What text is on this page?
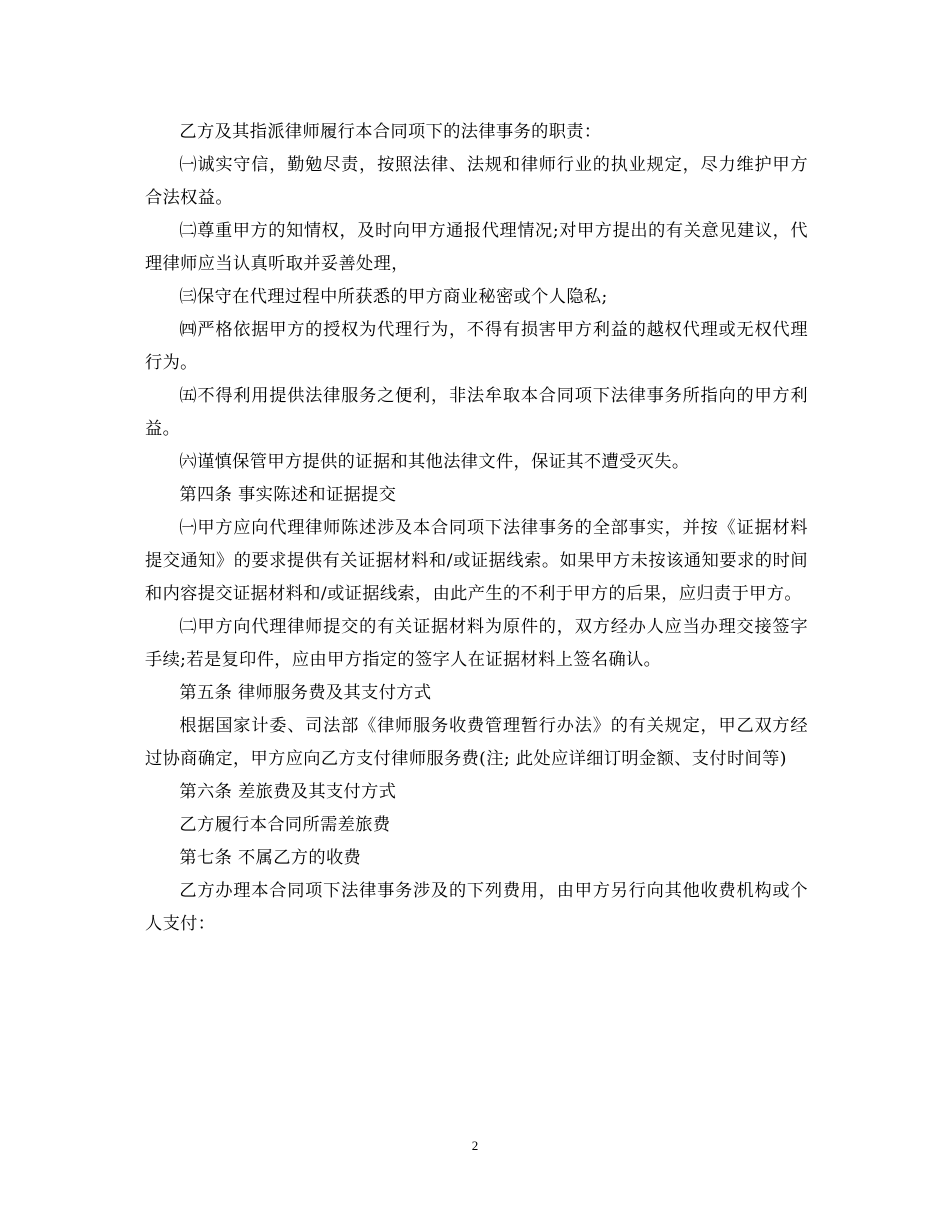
乙方及其指派律师履行本合同项下的法律事务的职责：

㈠诚实守信，勤勉尽责，按照法律、法规和律师行业的执业规定，尽力维护甲方合法权益。

㈡尊重甲方的知情权，及时向甲方通报代理情况;对甲方提出的有关意见建议，代理律师应当认真听取并妥善处理，

㈢保守在代理过程中所获悉的甲方商业秘密或个人隐私;

㈣严格依据甲方的授权为代理行为，不得有损害甲方利益的越权代理或无权代理行为。

㈤不得利用提供法律服务之便利，非法牟取本合同项下法律事务所指向的甲方利益。

㈥谨慎保管甲方提供的证据和其他法律文件，保证其不遭受灭失。

第四条 事实陈述和证据提交

㈠甲方应向代理律师陈述涉及本合同项下法律事务的全部事实，并按《证据材料提交通知》的要求提供有关证据材料和/或证据线索。如果甲方未按该通知要求的时间和内容提交证据材料和/或证据线索，由此产生的不利于甲方的后果，应归责于甲方。

㈡甲方向代理律师提交的有关证据材料为原件的，双方经办人应当办理交接签字手续;若是复印件，应由甲方指定的签字人在证据材料上签名确认。

第五条 律师服务费及其支付方式

根据国家计委、司法部《律师服务收费管理暂行办法》的有关规定，甲乙双方经过协商确定，甲方应向乙方支付律师服务费(注; 此处应详细订明金额、支付时间等)

第六条 差旅费及其支付方式

乙方履行本合同所需差旅费

第七条 不属乙方的收费

乙方办理本合同项下法律事务涉及的下列费用，由甲方另行向其他收费机构或个人支付：

2
